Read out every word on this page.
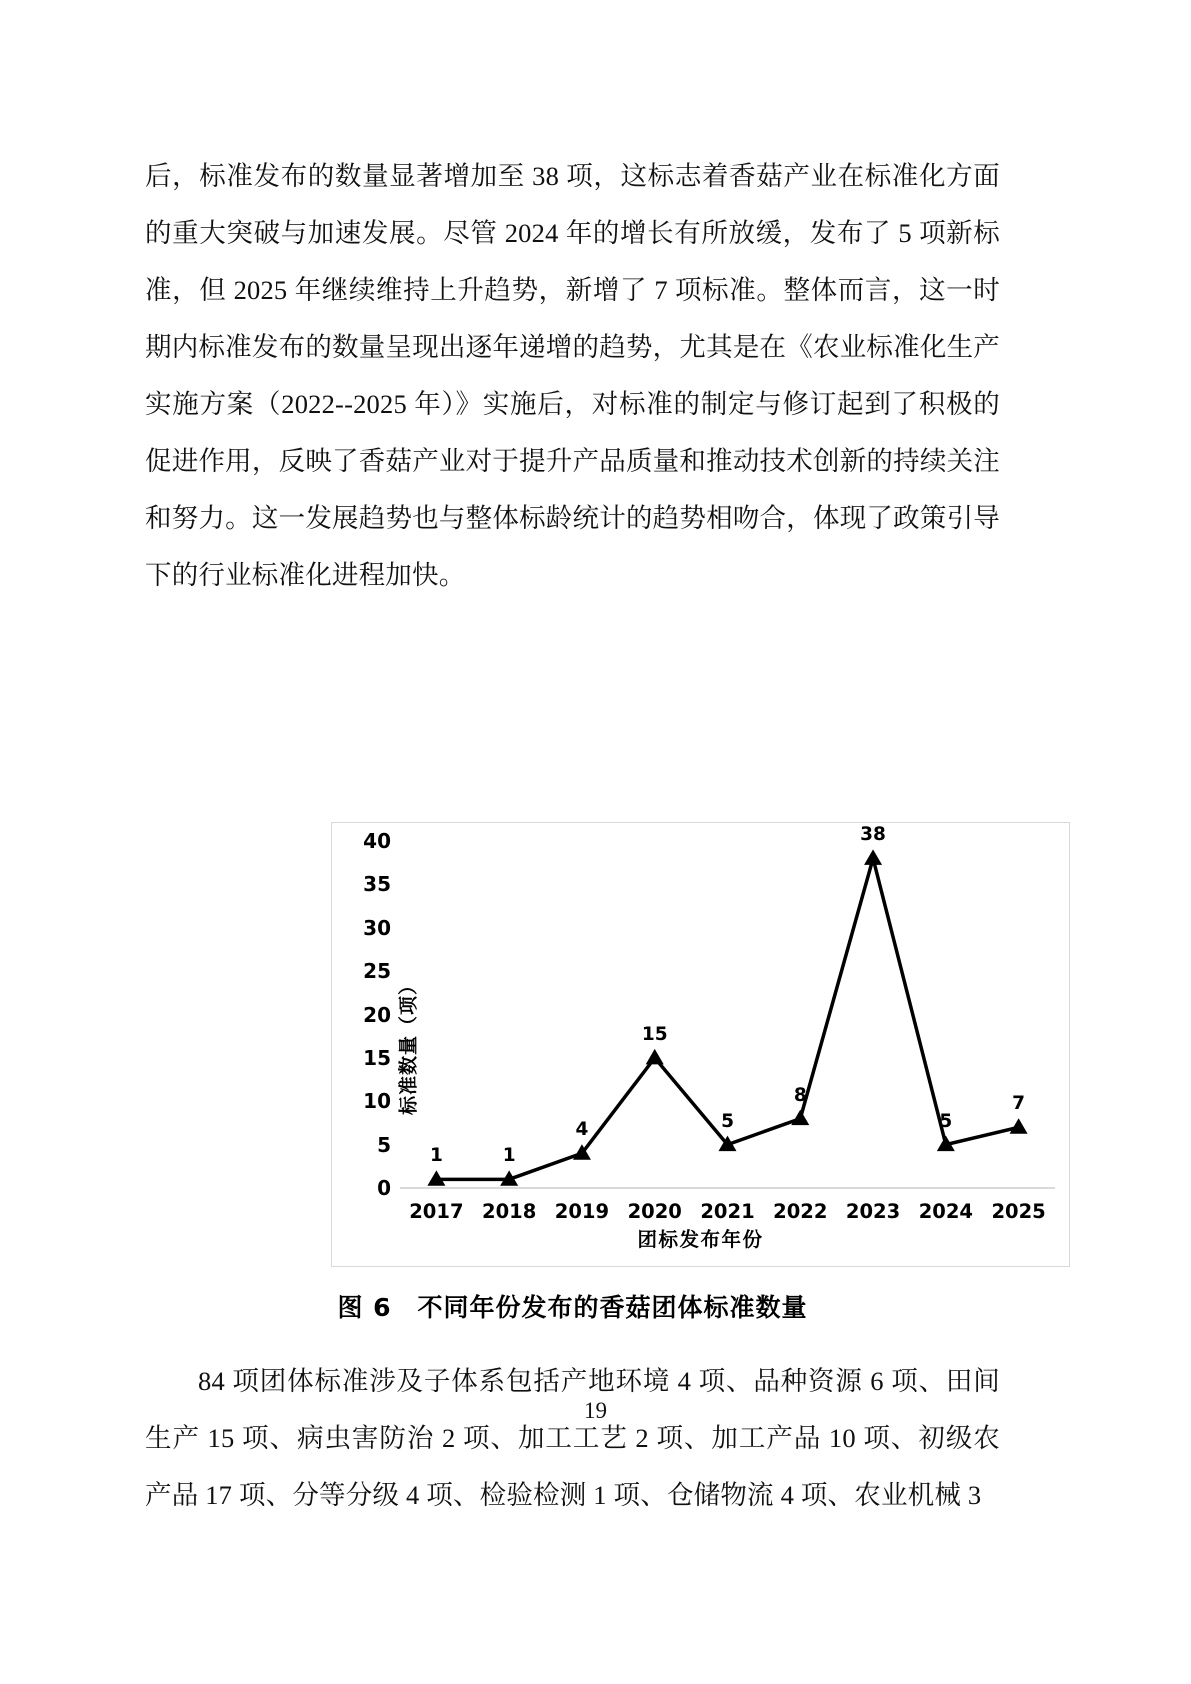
后，标准发布的数量显著增加至 38 项，这标志着香菇产业在标准化方面的重大突破与加速发展。尽管 2024 年的增长有所放缓，发布了 5 项新标准，但 2025 年继续维持上升趋势，新增了 7 项标准。整体而言，这一时期内标准发布的数量呈现出逐年递增的趋势，尤其是在《农业标准化生产实施方案（2022--2025 年）》实施后，对标准的制定与修订起到了积极的促进作用，反映了香菇产业对于提升产品质量和推动技术创新的持续关注和努力。这一发展趋势也与整体标龄统计的趋势相吻合，体现了政策引导下的行业标准化进程加快。

标准数量（项）
0
5
10
15
20
25
30
35
40
2017 2018 2019 2020 2021 2022 2023 2024 2025
1	1
4
15
5
8
38
5
7
团标发布年份
图 6　不同年份发布的香菇团体标准数量

84 项团体标准涉及子体系包括产地环境 4 项、品种资源 6 项、田间生产 15 项、病虫害防治 2 项、加工工艺 2 项、加工产品 10 项、初级农产品 17 项、分等分级 4 项、检验检测 1 项、仓储物流 4 项、农业机械 3

19
